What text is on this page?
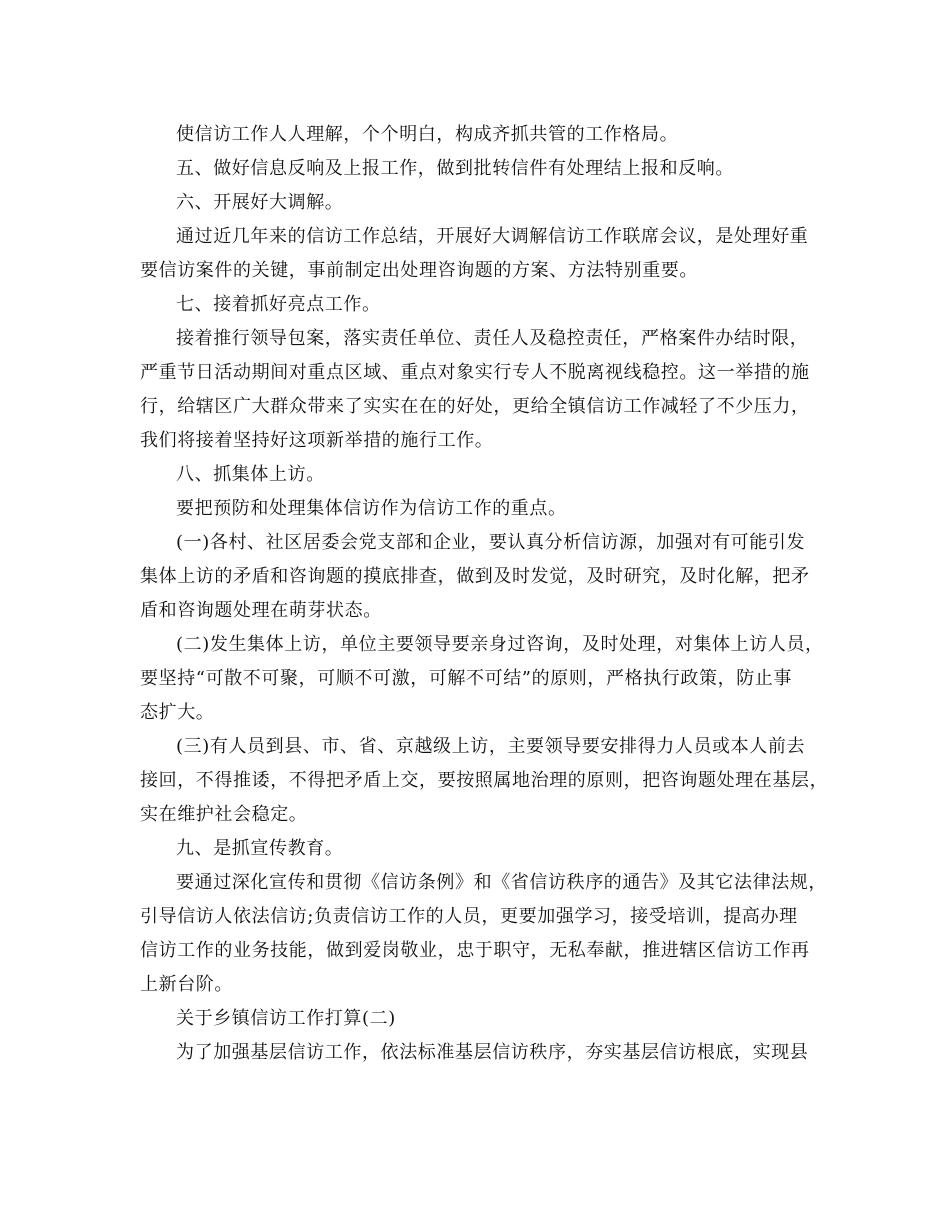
使信访工作人人理解，个个明白，构成齐抓共管的工作格局。
五、做好信息反响及上报工作，做到批转信件有处理结上报和反响。
六、开展好大调解。
通过近几年来的信访工作总结，开展好大调解信访工作联席会议，是处理好重
要信访案件的关键，事前制定出处理咨询题的方案、方法特别重要。
七、接着抓好亮点工作。
接着推行领导包案，落实责任单位、责任人及稳控责任，严格案件办结时限，
严重节日活动期间对重点区域、重点对象实行专人不脱离视线稳控。这一举措的施
行，给辖区广大群众带来了实实在在的好处，更给全镇信访工作减轻了不少压力，
我们将接着坚持好这项新举措的施行工作。
八、抓集体上访。
要把预防和处理集体信访作为信访工作的重点。
(一)各村、社区居委会党支部和企业，要认真分析信访源，加强对有可能引发
集体上访的矛盾和咨询题的摸底排查，做到及时发觉，及时研究，及时化解，把矛
盾和咨询题处理在萌芽状态。
(二)发生集体上访，单位主要领导要亲身过咨询，及时处理，对集体上访人员，
要坚持“可散不可聚，可顺不可激，可解不可结”的原则，严格执行政策，防止事
态扩大。
(三)有人员到县、市、省、京越级上访，主要领导要安排得力人员或本人前去
接回，不得推诿，不得把矛盾上交，要按照属地治理的原则，把咨询题处理在基层，
实在维护社会稳定。
九、是抓宣传教育。
要通过深化宣传和贯彻《信访条例》和《省信访秩序的通告》及其它法律法规，
引导信访人依法信访;负责信访工作的人员，更要加强学习，接受培训，提高办理
信访工作的业务技能，做到爱岗敬业，忠于职守，无私奉献，推进辖区信访工作再
上新台阶。
关于乡镇信访工作打算(二)
为了加强基层信访工作，依法标准基层信访秩序，夯实基层信访根底，实现县
